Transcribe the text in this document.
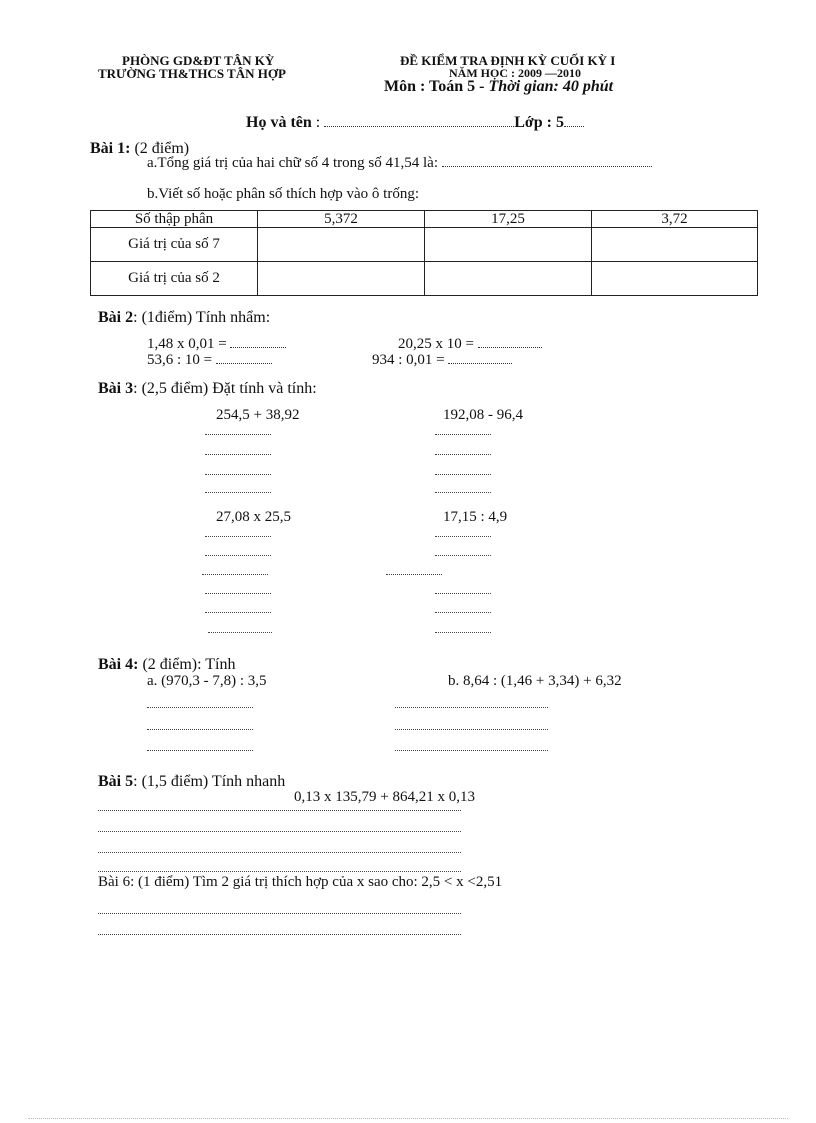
PHÒNG GD&ĐT TÂN KỲ
TRƯỜNG TH&THCS TÂN HỢP
ĐỀ KIỂM TRA ĐỊNH KỲ CUỐI KỲ I
NĂM HỌC : 2009 —2010
Môn : Toán 5 - Thời gian: 40 phút
Họ và tên :	Lớp : 5
Bài 1: (2 điểm)
a.Tổng giá trị của hai chữ số 4 trong số 41,54 là:
b.Viết số hoặc phân số thích hợp vào ô trống:
Số thập phân	5,372	17,25	3,72
Giá trị của số 7			
Giá trị của số 2			
Bài 2: (1điểm) Tính nhẩm:
1,48 x 0,01 =	20,25 x 10 =
53,6 : 10 =	934 : 0,01 =
Bài 3: (2,5 điểm) Đặt tính và tính:
254,5 + 38,92	192,08 - 96,4
27,08 x 25,5	17,15 : 4,9
Bài 4: (2 điểm): Tính
a. (970,3 - 7,8) : 3,5	b. 8,64 : (1,46 + 3,34) + 6,32
Bài 5: (1,5 điểm) Tính nhanh
0,13 x 135,79 + 864,21 x 0,13
Bài 6: (1 điểm) Tìm 2 giá trị thích hợp của x sao cho: 2,5 < x <2,51
